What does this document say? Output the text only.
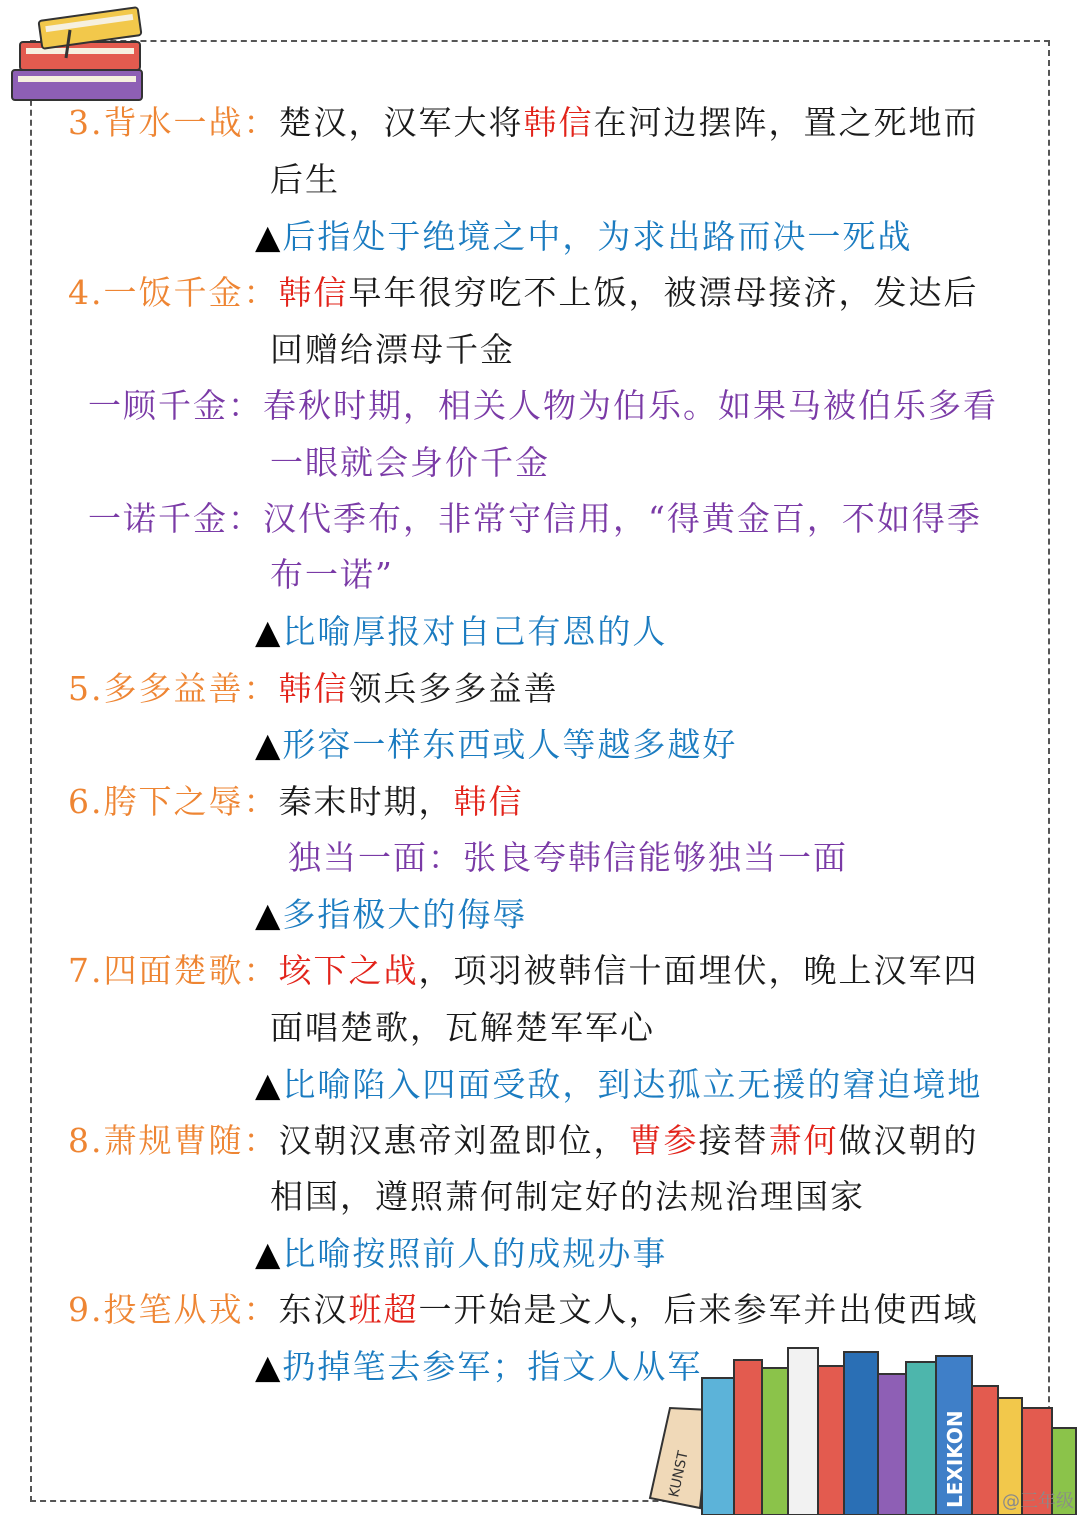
3.背水一战：楚汉，汉军大将韩信在河边摆阵，置之死地而
后生
▲后指处于绝境之中，为求出路而决一死战
4.一饭千金：韩信早年很穷吃不上饭，被漂母接济，发达后
回赠给漂母千金
一顾千金：春秋时期，相关人物为伯乐。如果马被伯乐多看
一眼就会身价千金
一诺千金：汉代季布，非常守信用，“得黄金百，不如得季
布一诺”
▲比喻厚报对自己有恩的人
5.多多益善：韩信领兵多多益善
▲形容一样东西或人等越多越好
6.胯下之辱：秦末时期，韩信
独当一面：张良夸韩信能够独当一面
▲多指极大的侮辱
7.四面楚歌：垓下之战，项羽被韩信十面埋伏，晚上汉军四
面唱楚歌，瓦解楚军军心
▲比喻陷入四面受敌，到达孤立无援的窘迫境地
8.萧规曹随：汉朝汉惠帝刘盈即位，曹参接替萧何做汉朝的
相国，遵照萧何制定好的法规治理国家
▲比喻按照前人的成规办事
9.投笔从戎：东汉班超一开始是文人，后来参军并出使西域
▲扔掉笔去参军；指文人从军
KUNST	LEXIKON @三年级
